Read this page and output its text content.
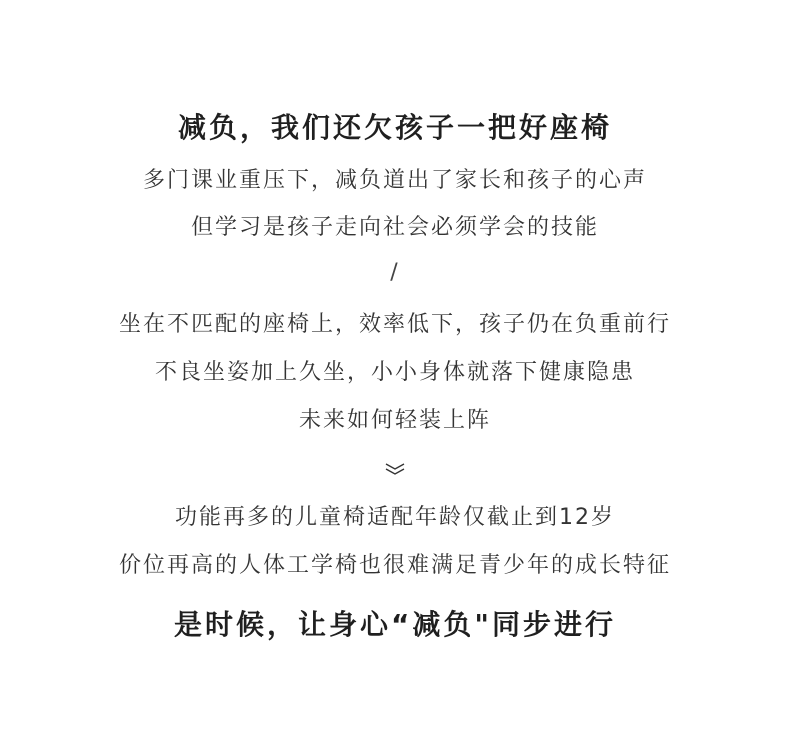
减负，我们还欠孩子一把好座椅
多门课业重压下，减负道出了家长和孩子的心声
但学习是孩子走向社会必须学会的技能
/
坐在不匹配的座椅上，效率低下，孩子仍在负重前行
不良坐姿加上久坐，小小身体就落下健康隐患
未来如何轻装上阵
功能再多的儿童椅适配年龄仅截止到12岁
价位再高的人体工学椅也很难满足青少年的成长特征
是时候，让身心“减负"同步进行
